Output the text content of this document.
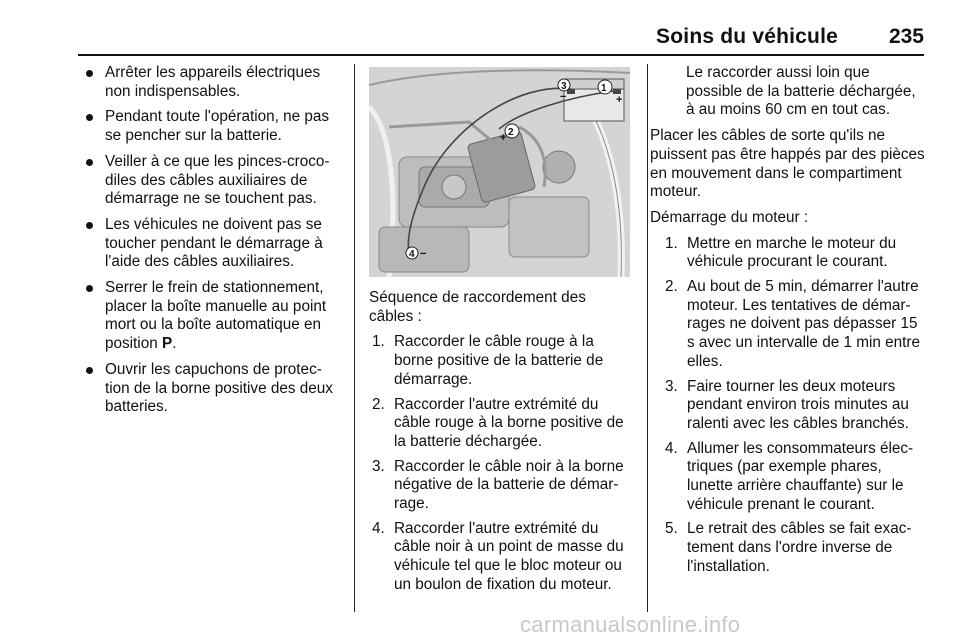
Soins du véhicule 235
Arrêter les appareils électriques non indispensables.
Pendant toute l'opération, ne pas se pencher sur la batterie.
Veiller à ce que les pinces-croco-diles des câbles auxiliaires de démarrage ne se touchent pas.
Les véhicules ne doivent pas se toucher pendant le démarrage à l'aide des câbles auxiliaires.
Serrer le frein de stationnement, placer la boîte manuelle au point mort ou la boîte automatique en position P.
Ouvrir les capuchons de protec-tion de la borne positive des deux batteries.
1
2
3
4
+
+
−
−

Séquence de raccordement des câbles :

1. Raccorder le câble rouge à la borne positive de la batterie de démarrage.
2. Raccorder l'autre extrémité du câble rouge à la borne positive de la batterie déchargée.
3. Raccorder le câble noir à la borne négative de la batterie de démar-rage.
4. Raccorder l'autre extrémité du câble noir à un point de masse du véhicule tel que le bloc moteur ou un boulon de fixation du moteur.

Le raccorder aussi loin que possible de la batterie déchargée, à au moins 60 cm en tout cas.

Placer les câbles de sorte qu'ils ne puissent pas être happés par des pièces en mouvement dans le compartiment moteur.

Démarrage du moteur :

1. Mettre en marche le moteur du véhicule procurant le courant.
2. Au bout de 5 min, démarrer l'autre moteur. Les tentatives de démar-rages ne doivent pas dépasser 15 s avec un intervalle de 1 min entre elles.
3. Faire tourner les deux moteurs pendant environ trois minutes au ralenti avec les câbles branchés.
4. Allumer les consommateurs élec-triques (par exemple phares, lunette arrière chauffante) sur le véhicule prenant le courant.
5. Le retrait des câbles se fait exac-tement dans l'ordre inverse de l'installation.
carmanualsonline.info
